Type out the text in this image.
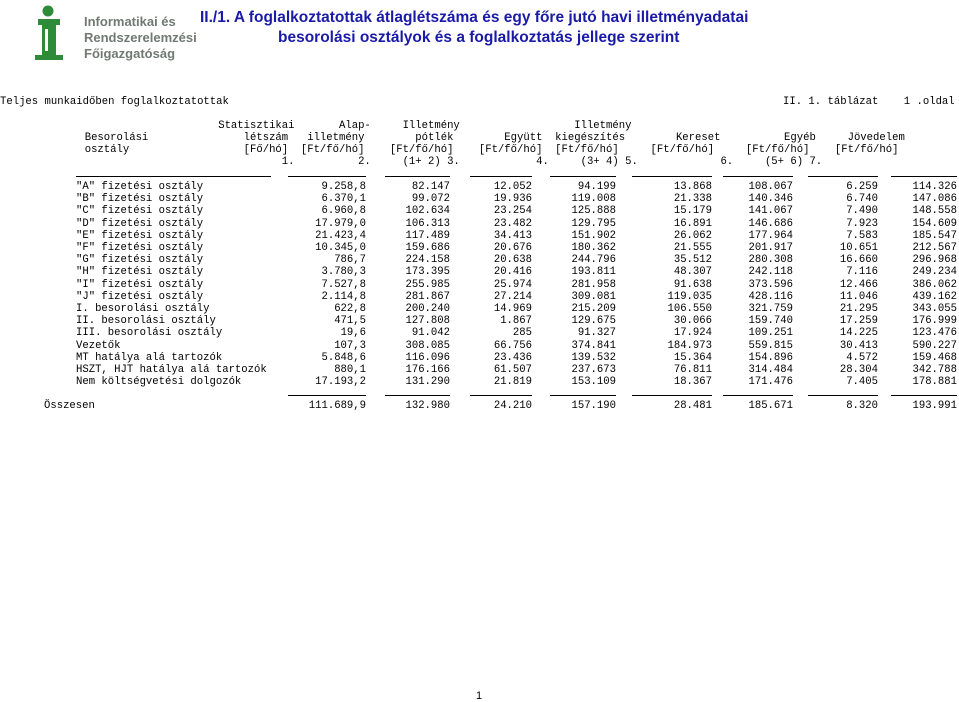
Informatikai és
Rendszerelemzési
Főigazgatóság
II./1. A foglalkoztatottak átlaglétszáma és egy főre jutó havi illetményadatai
besorolási osztályok és a foglalkoztatás jellege szerint
Teljes munkaidőben foglalkoztatottak	II. 1. táblázat    1 .oldal
Statisztikai       Alap-     Illetmény                  Illetmény
Besorolási               létszám   illetmény        pótlék        Együtt  kiegészítés        Kereset          Egyéb     Jövedelem
osztály                  [Fő/hó]  [Ft/fő/hó]    [Ft/fő/hó]    [Ft/fő/hó]  [Ft/fő/hó]     [Ft/fő/hó]     [Ft/fő/hó]    [Ft/fő/hó]
1.          2.     (1+ 2) 3.            4.     (3+ 4) 5.             6.     (5+ 6) 7.
"A" fizetési osztály	9.258,8	82.147	12.052	94.199	13.868	108.067	6.259	114.326
"B" fizetési osztály	6.370,1	99.072	19.936	119.008	21.338	140.346	6.740	147.086
"C" fizetési osztály	6.960,8	102.634	23.254	125.888	15.179	141.067	7.490	148.558
"D" fizetési osztály	17.979,0	106.313	23.482	129.795	16.891	146.686	7.923	154.609
"E" fizetési osztály	21.423,4	117.489	34.413	151.902	26.062	177.964	7.583	185.547
"F" fizetési osztály	10.345,0	159.686	20.676	180.362	21.555	201.917	10.651	212.567
"G" fizetési osztály	786,7	224.158	20.638	244.796	35.512	280.308	16.660	296.968
"H" fizetési osztály	3.780,3	173.395	20.416	193.811	48.307	242.118	7.116	249.234
"I" fizetési osztály	7.527,8	255.985	25.974	281.958	91.638	373.596	12.466	386.062
"J" fizetési osztály	2.114,8	281.867	27.214	309.081	119.035	428.116	11.046	439.162
I. besorolási osztály	622,8	200.240	14.969	215.209	106.550	321.759	21.295	343.055
II. besorolási osztály	471,5	127.808	1.867	129.675	30.066	159.740	17.259	176.999
III. besorolási osztály	19,6	91.042	285	91.327	17.924	109.251	14.225	123.476
Vezetők	107,3	308.085	66.756	374.841	184.973	559.815	30.413	590.227
MT hatálya alá tartozók	5.848,6	116.096	23.436	139.532	15.364	154.896	4.572	159.468
HSZT, HJT hatálya alá tartozók	880,1	176.166	61.507	237.673	76.811	314.484	28.304	342.788
Nem költségvetési dolgozók	17.193,2	131.290	21.819	153.109	18.367	171.476	7.405	178.881
Összesen	111.689,9	132.980	24.210	157.190	28.481	185.671	8.320	193.991
1
